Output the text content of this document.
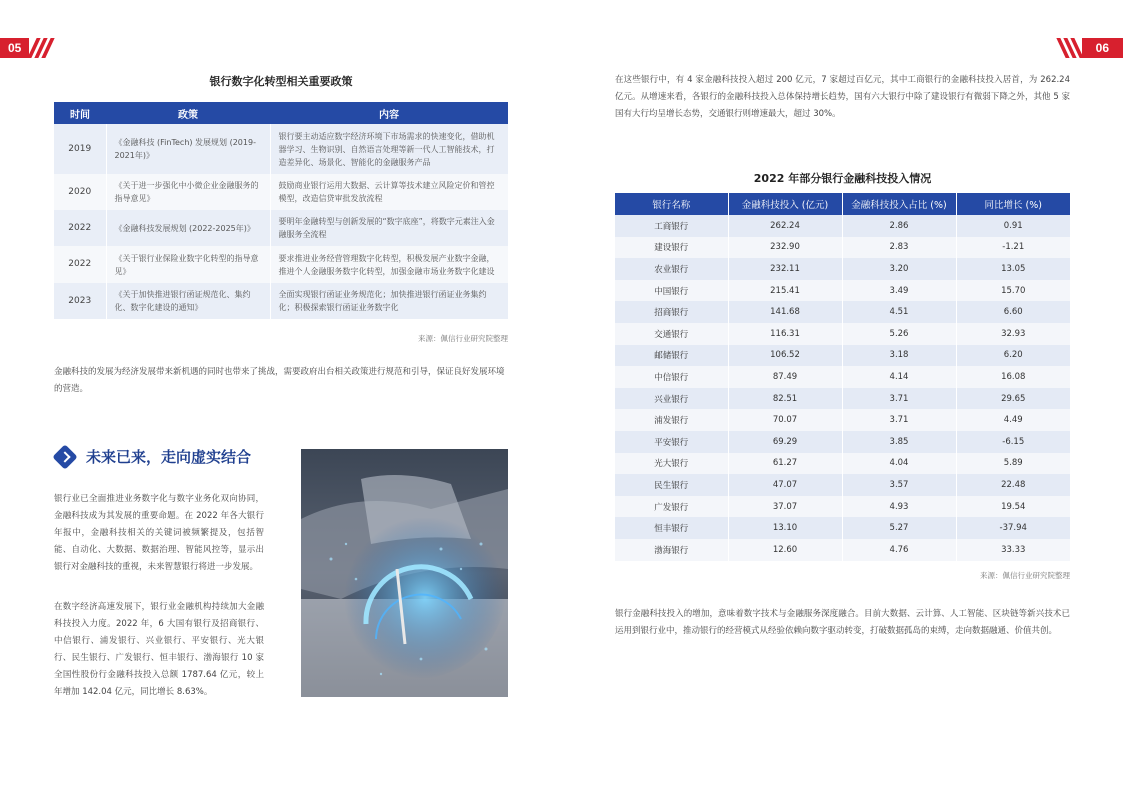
05	06
银行数字化转型相关重要政策
时间	政策	内容
2019	《金融科技 (FinTech) 发展规划 (2019-2021年)》	银行要主动适应数字经济环境下市场需求的快速变化，借助机器学习、生物识别、自然语言处理等新一代人工智能技术，打造差异化、场景化、智能化的金融服务产品
2020	《关于进一步强化中小微企业金融服务的指导意见》	鼓励商业银行运用大数据、云计算等技术建立风险定价和管控模型，改造信贷审批发放流程
2022	《金融科技发展规划 (2022-2025年)》	要明年金融转型与创新发展的“数字底座”，将数字元素注入金融服务全流程
2022	《关于银行业保险业数字化转型的指导意见》	要求推进业务经营管理数字化转型，积极发展产业数字金融，推进个人金融服务数字化转型，加强金融市场业务数字化建设
2023	《关于加快推进银行函证规范化、集约化、数字化建设的通知》	全面实现银行函证业务规范化；加快推进银行函证业务集约化；积极探索银行函证业务数字化
来源：佩信行业研究院整理
金融科技的发展为经济发展带来新机遇的同时也带来了挑战，需要政府出台相关政策进行规范和引导，保证良好发展环境的营造。
未来已来，走向虚实结合
银行业已全面推进业务数字化与数字业务化双向协同，金融科技成为其发展的重要命题。在 2022 年各大银行年报中，金融科技相关的关键词被频繁提及，包括智能、自动化、大数据、数据治理、智能风控等，显示出银行对金融科技的重视，未来智慧银行将进一步发展。
在数字经济高速发展下，银行业金融机构持续加大金融科技投入力度。2022 年，6 大国有银行及招商银行、中信银行、浦发银行、兴业银行、平安银行、光大银行、民生银行、广发银行、恒丰银行、渤海银行 10 家全国性股份行金融科技投入总额 1787.64 亿元，较上年增加 142.04 亿元，同比增长 8.63%。
在这些银行中，有 4 家金融科技投入超过 200 亿元，7 家超过百亿元，其中工商银行的金融科技投入居首，为 262.24 亿元。从增速来看，各银行的金融科技投入总体保持增长趋势，国有六大银行中除了建设银行有微弱下降之外，其他 5 家国有大行均呈增长态势，交通银行则增速最大，超过 30%。
2022 年部分银行金融科技投入情况
银行名称	金融科技投入 (亿元)	金融科技投入占比 (%)	同比增长 (%)
工商银行	262.24	2.86	0.91
建设银行	232.90	2.83	-1.21
农业银行	232.11	3.20	13.05
中国银行	215.41	3.49	15.70
招商银行	141.68	4.51	6.60
交通银行	116.31	5.26	32.93
邮储银行	106.52	3.18	6.20
中信银行	87.49	4.14	16.08
兴业银行	82.51	3.71	29.65
浦发银行	70.07	3.71	4.49
平安银行	69.29	3.85	-6.15
光大银行	61.27	4.04	5.89
民生银行	47.07	3.57	22.48
广发银行	37.07	4.93	19.54
恒丰银行	13.10	5.27	-37.94
渤海银行	12.60	4.76	33.33
来源：佩信行业研究院整理
银行金融科技投入的增加，意味着数字技术与金融服务深度融合。目前大数据、云计算、人工智能、区块链等新兴技术已运用到银行业中，推动银行的经营模式从经验依赖向数字驱动转变，打破数据孤岛的束缚，走向数据融通、价值共创。
